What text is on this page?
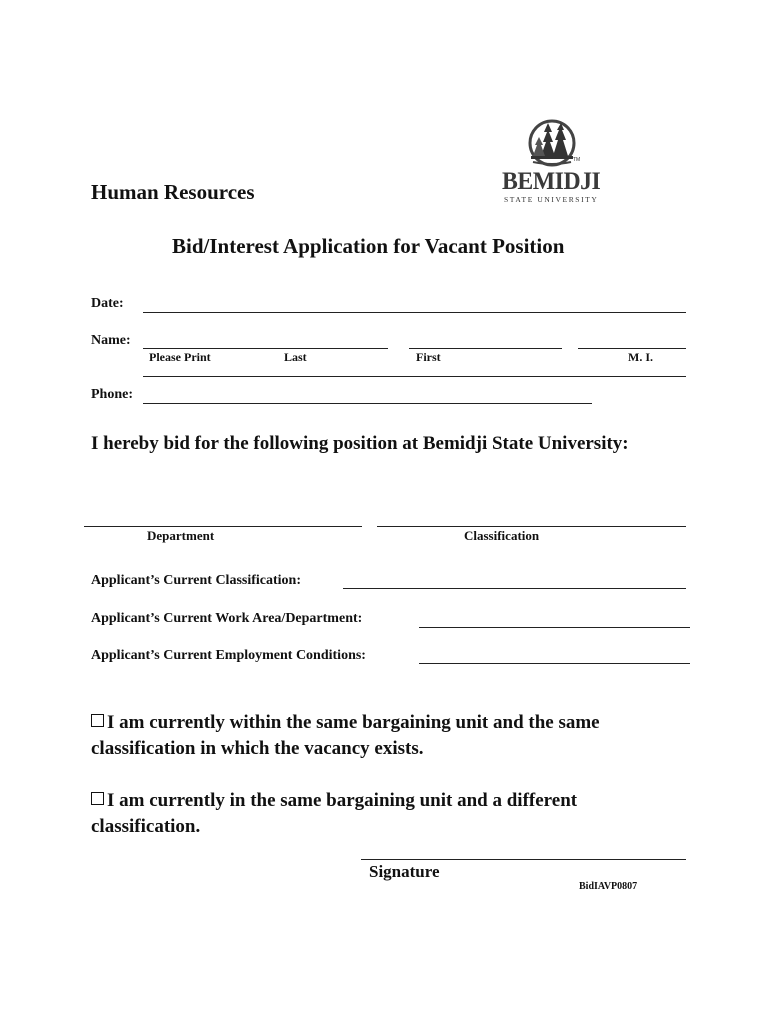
TM
BEMIDJI
STATE UNIVERSITY
Human Resources
Bid/Interest Application for Vacant Position
Date:
Name:
Please Print	Last	First	M. I.
Phone:
I hereby bid for the following position at Bemidji State University:
Department	Classification
Applicant’s Current Classification:
Applicant’s Current Work Area/Department:
Applicant’s Current Employment Conditions:
I am currently within the same bargaining unit and the same
classification in which the vacancy exists.
I am currently in the same bargaining unit and a different
classification.
Signature
BidIAVP0807
